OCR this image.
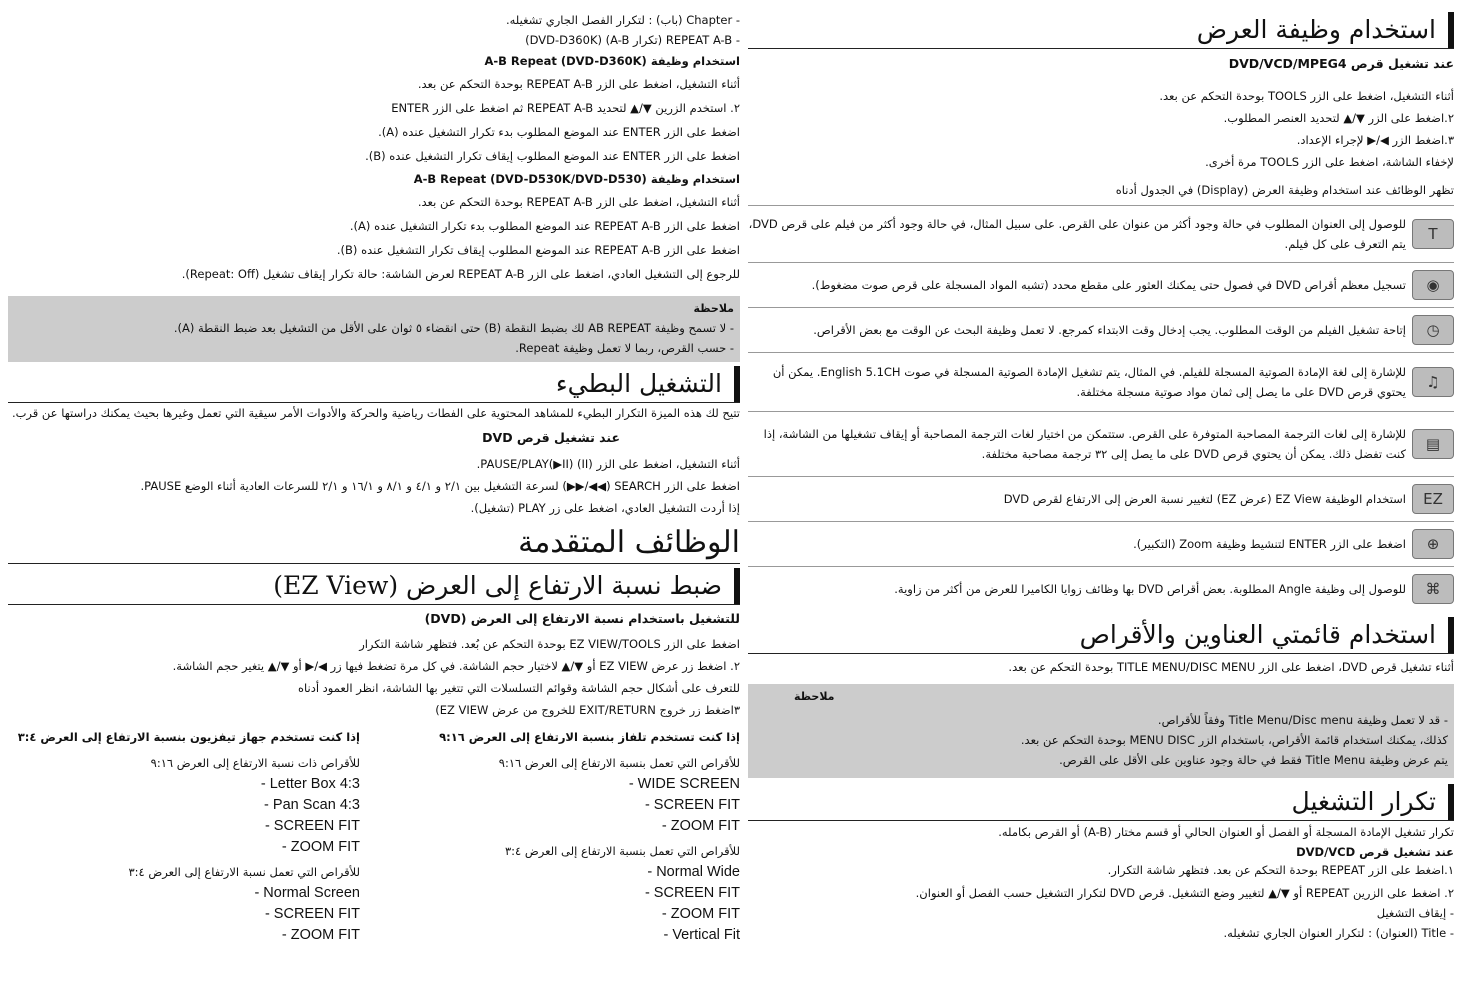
استخدام وظيفة العرض
عند تشغيل قرص DVD/VCD/MPEG4
أثناء التشغيل، اضغط على الزر TOOLS بوحدة التحكم عن بعد.
٢.اضغط على الزر ▼/▲ لتحديد العنصر المطلوب.
٣.اضغط الزر ◀/▶ لإجراء الإعداد.
لإخفاء الشاشة، اضغط على الزر TOOLS مرة أخرى.
تظهر الوظائف عند استخدام وظيفة العرض (Display) في الجدول أدناه
T
للوصول إلى العنوان المطلوب في حالة وجود أكثر من عنوان على القرص. على سبيل المثال، في حالة وجود أكثر من فيلم على قرص DVD، يتم التعرف على كل فيلم.
◉
تسجيل معظم أقراص DVD في فصول حتى يمكنك العثور على مقطع محدد (تشبه المواد المسجلة على قرص صوت مضغوط).
◷
إتاحة تشغيل الفيلم من الوقت المطلوب. يجب إدخال وقت الابتداء كمرجع. لا تعمل وظيفة البحث عن الوقت مع بعض الأقراص.
♫
للإشارة إلى لغة الإمادة الصوتية المسجلة للفيلم. في المثال، يتم تشغيل الإمادة الصوتية المسجلة في صوت English 5.1CH. يمكن أن يحتوي قرص DVD على ما يصل إلى ثمان مواد صوتية مسجلة مختلفة.
▤
للإشارة إلى لغات الترجمة المصاحبة المتوفرة على القرص. ستتمكن من اختيار لغات الترجمة المصاحبة أو إيقاف تشغيلها من الشاشة، إذا كنت تفضل ذلك. يمكن أن يحتوي قرص DVD على ما يصل إلى ٣٢ ترجمة مصاحبة مختلفة.
EZ
استخدام الوظيفة EZ View (عرض EZ) لتغيير نسبة العرض إلى الارتفاع لقرص DVD
⊕
اضغط على الزر ENTER لتنشيط وظيفة Zoom (التكبير).
⌘
للوصول إلى وظيفة Angle المطلوبة. بعض أقراص DVD بها وظائف زوايا الكاميرا للعرض من أكثر من زاوية.
استخدام قائمتي العناوين والأقراص
أثناء تشغيل قرص DVD، اضغط على الزر TITLE MENU/DISC MENU بوحدة التحكم عن بعد.
ملاحظة
- قد لا تعمل وظيفة Title Menu/Disc menu وفقاً للأقراص.
كذلك، يمكنك استخدام قائمة الأقراص، باستخدام الزر MENU DISC بوحدة التحكم عن بعد.
يتم عرض وظيفة Title Menu فقط في حالة وجود عناوين على الأقل على القرص.
تكرار التشغيل
تكرار تشغيل الإمادة المسجلة أو الفصل أو العنوان الحالي أو قسم مختار (A-B) أو القرص بكامله.
عند تشغيل قرص DVD/VCD
١.اضغط على الزر REPEAT بوحدة التحكم عن بعد. فتظهر شاشة التكرار.
٢. اضغط على الزرين REPEAT أو ▼/▲ لتغيير وضع التشغيل. قرص DVD لتكرار التشغيل حسب الفصل أو العنوان.
- إيقاف التشغيل
- Title (العنوان) : لتكرار العنوان الجاري تشغيله.
- Chapter (باب) : لتكرار الفصل الجاري تشغيله.
- REPEAT A-B (تكرار A-B) (DVD-D360K)
استخدام وظيفة A-B Repeat (DVD-D360K)
أثناء التشغيل، اضغط على الزر REPEAT A-B بوحدة التحكم عن بعد.
٢. استخدم الزرين ▼/▲ لتحديد REPEAT A-B ثم اضغط على الزر ENTER
اضغط على الزر ENTER عند الموضع المطلوب بدء تكرار التشغيل عنده (A).
اضغط على الزر ENTER عند الموضع المطلوب إيقاف تكرار التشغيل عنده (B).
استخدام وظيفة A-B Repeat (DVD-D530K/DVD-D530)
أثناء التشغيل، اضغط على الزر REPEAT A-B بوحدة التحكم عن بعد.
اضغط على الزر REPEAT A-B عند الموضع المطلوب بدء تكرار التشغيل عنده (A).
اضغط على الزر REPEAT A-B عند الموضع المطلوب إيقاف تكرار التشغيل عنده (B).
للرجوع إلى التشغيل العادي، اضغط على الزر REPEAT A-B لعرض الشاشة: حالة تكرار إيقاف تشغيل (Repeat: Off).
ملاحظة
- لا تسمح وظيفة AB REPEAT لك بضبط النقطة (B) حتى انقضاء ٥ ثوان على الأقل من التشغيل بعد ضبط النقطة (A).
- حسب القرص، ربما لا تعمل وظيفة Repeat.
التشغيل البطيء
تتيح لك هذه الميزة التكرار البطيء للمشاهد المحتوية على الفطات رياضية والحركة والأدوات الأمر سيقية التي تعمل وغيرها بحيث يمكنك دراستها عن قرب.
عند تشغيل قرص DVD
أثناء التشغيل، اضغط على الزر PAUSE/PLAY(▶II) (II).
اضغط على الزر SEARCH (◀◀/▶▶) لسرعة التشغيل بين ٢/١ و ٤/١ و ٨/١ و ١٦/١ و ٢/١ للسرعات العادية أثناء الوضع PAUSE.
إذا أردت التشغيل العادي، اضغط على زر PLAY (تشغيل).
الوظائف المتقدمة
ضبط نسبة الارتفاع إلى العرض (EZ View)
للتشغيل باستخدام نسبة الارتفاع إلى العرض (DVD)
اضغط على الزر EZ VIEW/TOOLS بوحدة التحكم عن بُعد. فتظهر شاشة التكرار
٢. اضغط زر عرض EZ VIEW أو ▼/▲ لاختيار حجم الشاشة. في كل مرة تضغط فيها زر ◀/▶ أو ▼/▲ يتغير حجم الشاشة.
للتعرف على أشكال حجم الشاشة وقوائم التسلسلات التي تتغير بها الشاشة، انظر العمود أدناه
٣اضغط زر خروج EXIT/RETURN للخروج من عرض EZ VIEW)
إذا كنت تستخدم تلفاز بنسبة الارتفاع إلى العرض ٩:١٦
للأقراص التي تعمل بنسبة الارتفاع إلى العرض ٩:١٦
WIDE SCREEN -
SCREEN FIT -
ZOOM FIT -
للأقراص التي تعمل بنسبة الارتفاع إلى العرض ٣:٤
Normal Wide -
SCREEN FIT -
ZOOM FIT -
Vertical Fit -
إذا كنت تستخدم جهاز تيفزيون بنسبة الارتفاع إلى العرض ٣:٤
للأقراص ذات نسبة الارتفاع إلى العرض ٩:١٦
4:3 Letter Box -
4:3 Pan Scan -
SCREEN FIT -
ZOOM FIT -
للأقراص التي تعمل نسبة الارتفاع إلى العرض ٣:٤
Normal Screen -
SCREEN FIT -
ZOOM FIT -
